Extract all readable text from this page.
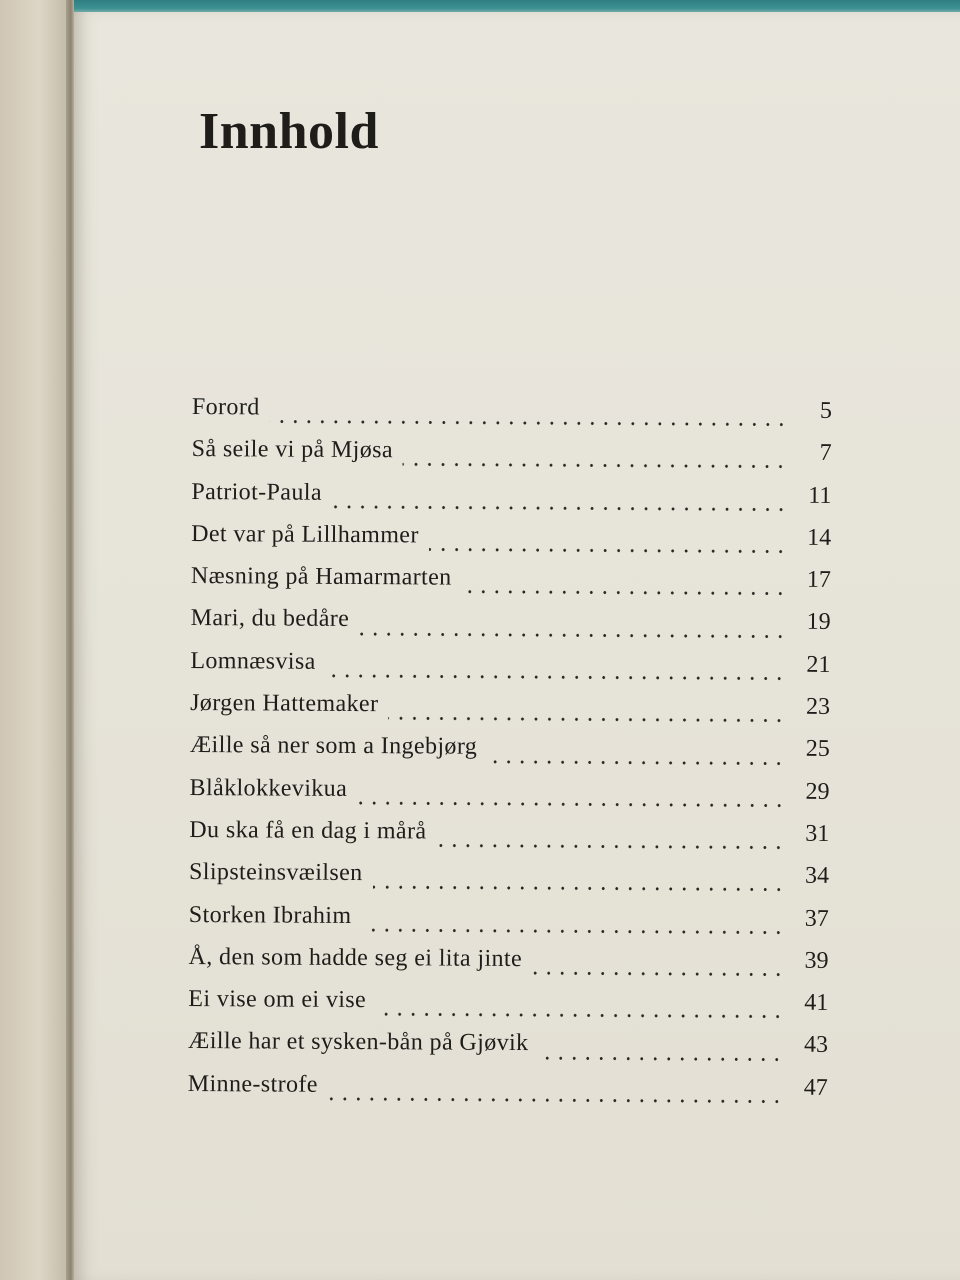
Innhold
Forord	5
Så seile vi på Mjøsa	7
Patriot-Paula	11
Det var på Lillhammer	14
Næsning på Hamarmarten	17
Mari, du bedåre	19
Lomnæsvisa	21
Jørgen Hattemaker	23
Æille så ner som a Ingebjørg	25
Blåklokkevikua	29
Du ska få en dag i mårå	31
Slipsteinsvæilsen	34
Storken Ibrahim	37
Å, den som hadde seg ei lita jinte	39
Ei vise om ei vise	41
Æille har et sysken-bån på Gjøvik	43
Minne-strofe	47
